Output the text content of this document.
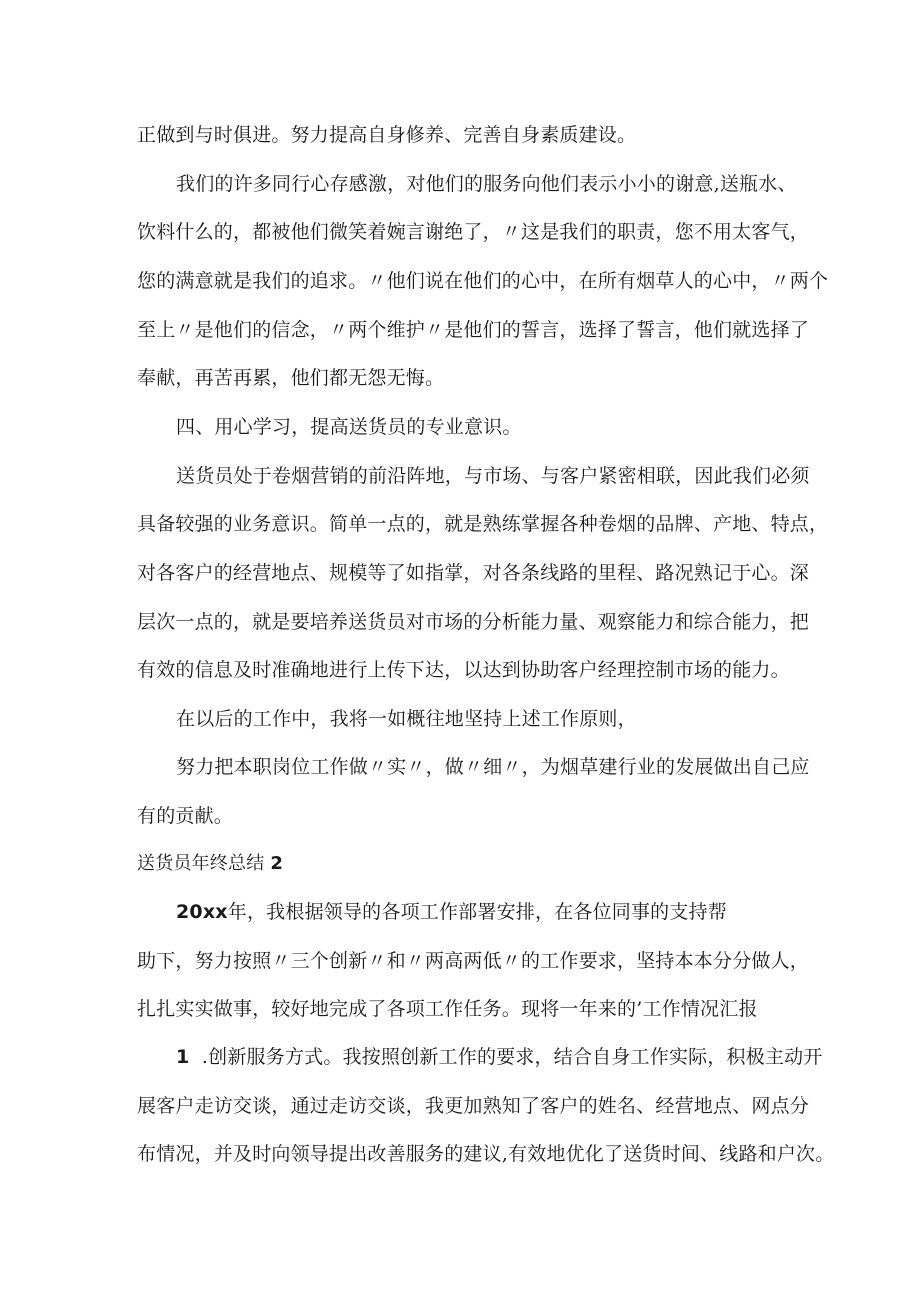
正做到与时俱进。努力提高自身修养、完善自身素质建设。
我们的许多同行心存感激，对他们的服务向他们表示小小的谢意,送瓶水、
饮料什么的，都被他们微笑着婉言谢绝了，〃这是我们的职责，您不用太客气，
您的满意就是我们的追求。〃他们说在他们的心中，在所有烟草人的心中，〃两个
至上〃是他们的信念，〃两个维护〃是他们的誓言，选择了誓言，他们就选择了
奉献，再苦再累，他们都无怨无悔。
四、用心学习，提高送货员的专业意识。
送货员处于卷烟营销的前沿阵地，与市场、与客户紧密相联，因此我们必须
具备较强的业务意识。简单一点的，就是熟练掌握各种卷烟的品牌、产地、特点，
对各客户的经营地点、规模等了如指掌，对各条线路的里程、路况熟记于心。深
层次一点的，就是要培养送货员对市场的分析能力量、观察能力和综合能力，把
有效的信息及时准确地进行上传下达，以达到协助客户经理控制市场的能力。
在以后的工作中，我将一如概往地坚持上述工作原则，
努力把本职岗位工作做〃实〃，做〃细〃，为烟草建行业的发展做出自己应
有的贡献。
送货员年终总结 2
20xx年，我根据领导的各项工作部署安排，在各位同事的支持帮
助下，努力按照〃三个创新〃和〃两高两低〃的工作要求，坚持本本分分做人，
扎扎实实做事，较好地完成了各项工作任务。现将一年来的’工作情况汇报
1 .创新服务方式。我按照创新工作的要求，结合自身工作实际，积极主动开
展客户走访交谈，通过走访交谈，我更加熟知了客户的姓名、经营地点、网点分
布情况，并及时向领导提出改善服务的建议,有效地优化了送货时间、线路和户次。
